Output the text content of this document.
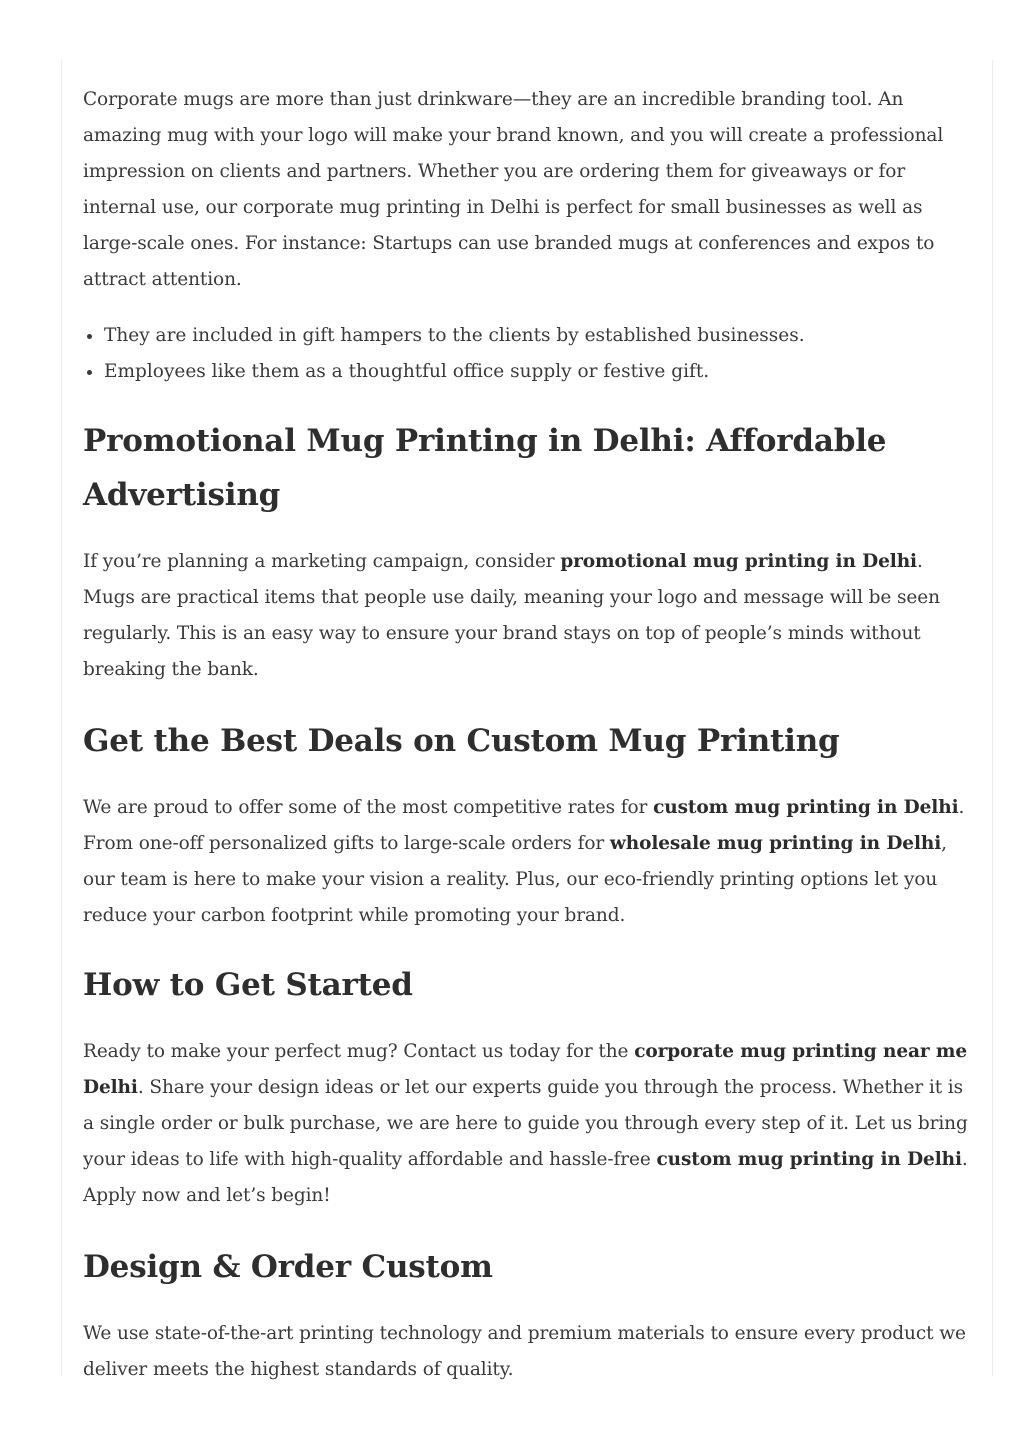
Corporate mugs are more than just drinkware—they are an incredible branding tool. An amazing mug with your logo will make your brand known, and you will create a professional impression on clients and partners. Whether you are ordering them for giveaways or for internal use, our corporate mug printing in Delhi is perfect for small businesses as well as large-scale ones. For instance: Startups can use branded mugs at conferences and expos to attract attention.

• They are included in gift hampers to the clients by established businesses.
• Employees like them as a thoughtful office supply or festive gift.
Promotional Mug Printing in Delhi: Affordable Advertising

If you’re planning a marketing campaign, consider promotional mug printing in Delhi. Mugs are practical items that people use daily, meaning your logo and message will be seen regularly. This is an easy way to ensure your brand stays on top of people’s minds without breaking the bank.

Get the Best Deals on Custom Mug Printing

We are proud to offer some of the most competitive rates for custom mug printing in Delhi. From one-off personalized gifts to large-scale orders for wholesale mug printing in Delhi, our team is here to make your vision a reality. Plus, our eco-friendly printing options let you reduce your carbon footprint while promoting your brand.

How to Get Started

Ready to make your perfect mug? Contact us today for the corporate mug printing near me Delhi. Share your design ideas or let our experts guide you through the process. Whether it is a single order or bulk purchase, we are here to guide you through every step of it. Let us bring your ideas to life with high-quality affordable and hassle-free custom mug printing in Delhi. Apply now and let’s begin!

Design & Order Custom

We use state-of-the-art printing technology and premium materials to ensure every product we deliver meets the highest standards of quality.
